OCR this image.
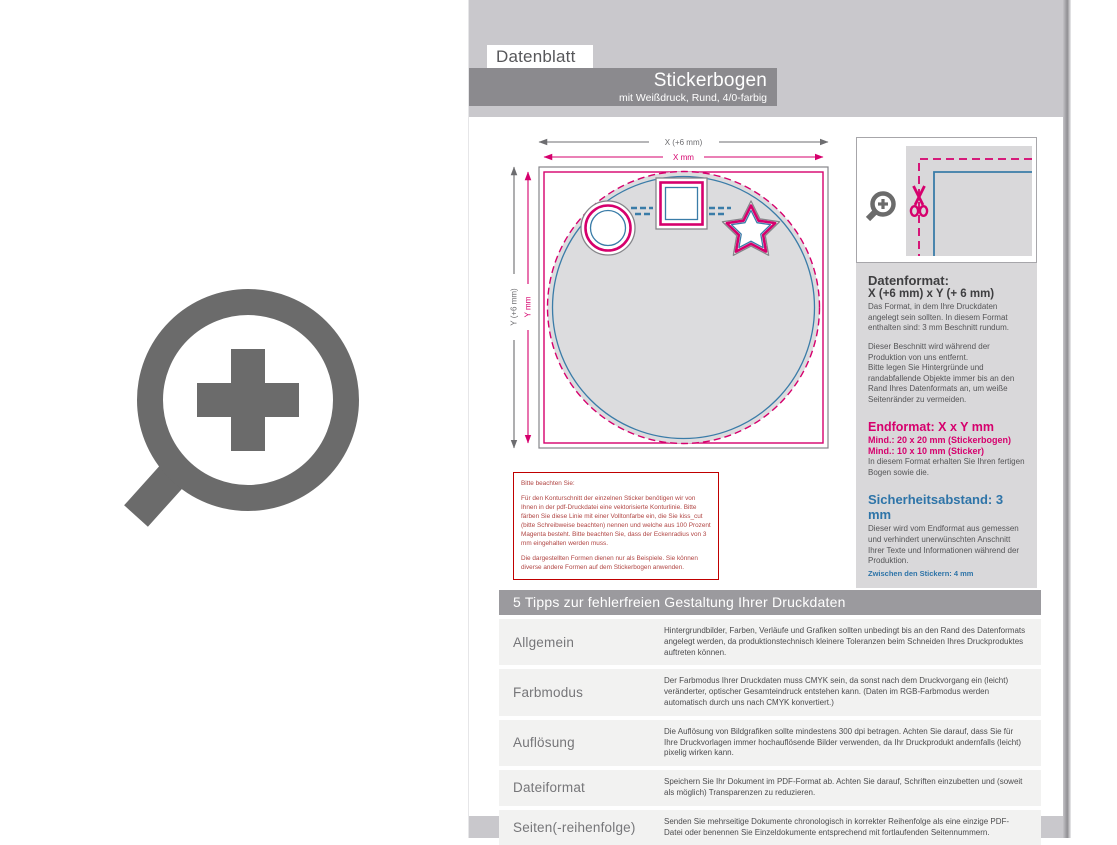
Datenblatt
Stickerbogen
mit Weißdruck, Rund, 4/0-farbig
X (+6 mm)
X mm
Y (+6 mm) Y mm
Bitte beachten Sie:

Für den Konturschnitt der einzelnen Sticker benötigen wir von Ihnen in der pdf-Druckdatei eine vektorisierte Konturlinie. Bitte färben Sie diese Linie mit einer Volltonfarbe ein, die Sie kiss_cut (bitte Schreibweise beachten) nennen und welche aus 100 Prozent Magenta besteht. Bitte beachten Sie, dass der Eckenradius von 3 mm eingehalten werden muss.

Die dargestellten Formen dienen nur als Beispiele. Sie können diverse andere Formen auf dem Stickerbogen anwenden.

Datenformat:

X (+6 mm) x Y (+ 6 mm)

Das Format, in dem Ihre Druckdaten angelegt sein sollten. In diesem Format enthalten sind: 3 mm Beschnitt rundum.

Dieser Beschnitt wird während der Produktion von uns entfernt.

Bitte legen Sie Hintergründe und randabfallende Objekte immer bis an den Rand Ihres Datenformats an, um weiße Seitenränder zu vermeiden.

Endformat: X x Y mm

Mind.: 20 x 20 mm (Stickerbogen)

Mind.: 10 x 10 mm (Sticker)

In diesem Format erhalten Sie Ihren fertigen Bogen sowie die.

Sicherheitsabstand: 3 mm

Dieser wird vom Endformat aus gemessen und verhindert unerwünschten Anschnitt Ihrer Texte und Informationen während der Produktion.

Zwischen den Stickern: 4 mm

5 Tipps zur fehlerfreien Gestaltung Ihrer Druckdaten
Allgemein
Hintergrundbilder, Farben, Verläufe und Grafiken sollten unbedingt bis an den Rand des Datenformats angelegt werden, da produktionstechnisch kleinere Toleranzen beim Schneiden Ihres Druckproduktes auftreten können.
Farbmodus
Der Farbmodus Ihrer Druckdaten muss CMYK sein, da sonst nach dem Druckvorgang ein (leicht) veränderter, optischer Gesamteindruck entstehen kann. (Daten im RGB-Farbmodus werden automatisch durch uns nach CMYK konvertiert.)
Auflösung
Die Auflösung von Bildgrafiken sollte mindestens 300 dpi betragen. Achten Sie darauf, dass Sie für Ihre Druckvorlagen immer hochauflösende Bilder verwenden, da Ihr Druckprodukt andernfalls (leicht) pixelig wirken kann.
Dateiformat	Speichern Sie Ihr Dokument im PDF-Format ab. Achten Sie darauf, Schriften einzubetten und (soweit als möglich) Transparenzen zu reduzieren.
Seiten(-reihenfolge)	Senden Sie mehrseitige Dokumente chronologisch in korrekter Reihenfolge als eine einzige PDF-Datei oder benennen Sie Einzeldokumente entsprechend mit fortlaufenden Seitennummern.
